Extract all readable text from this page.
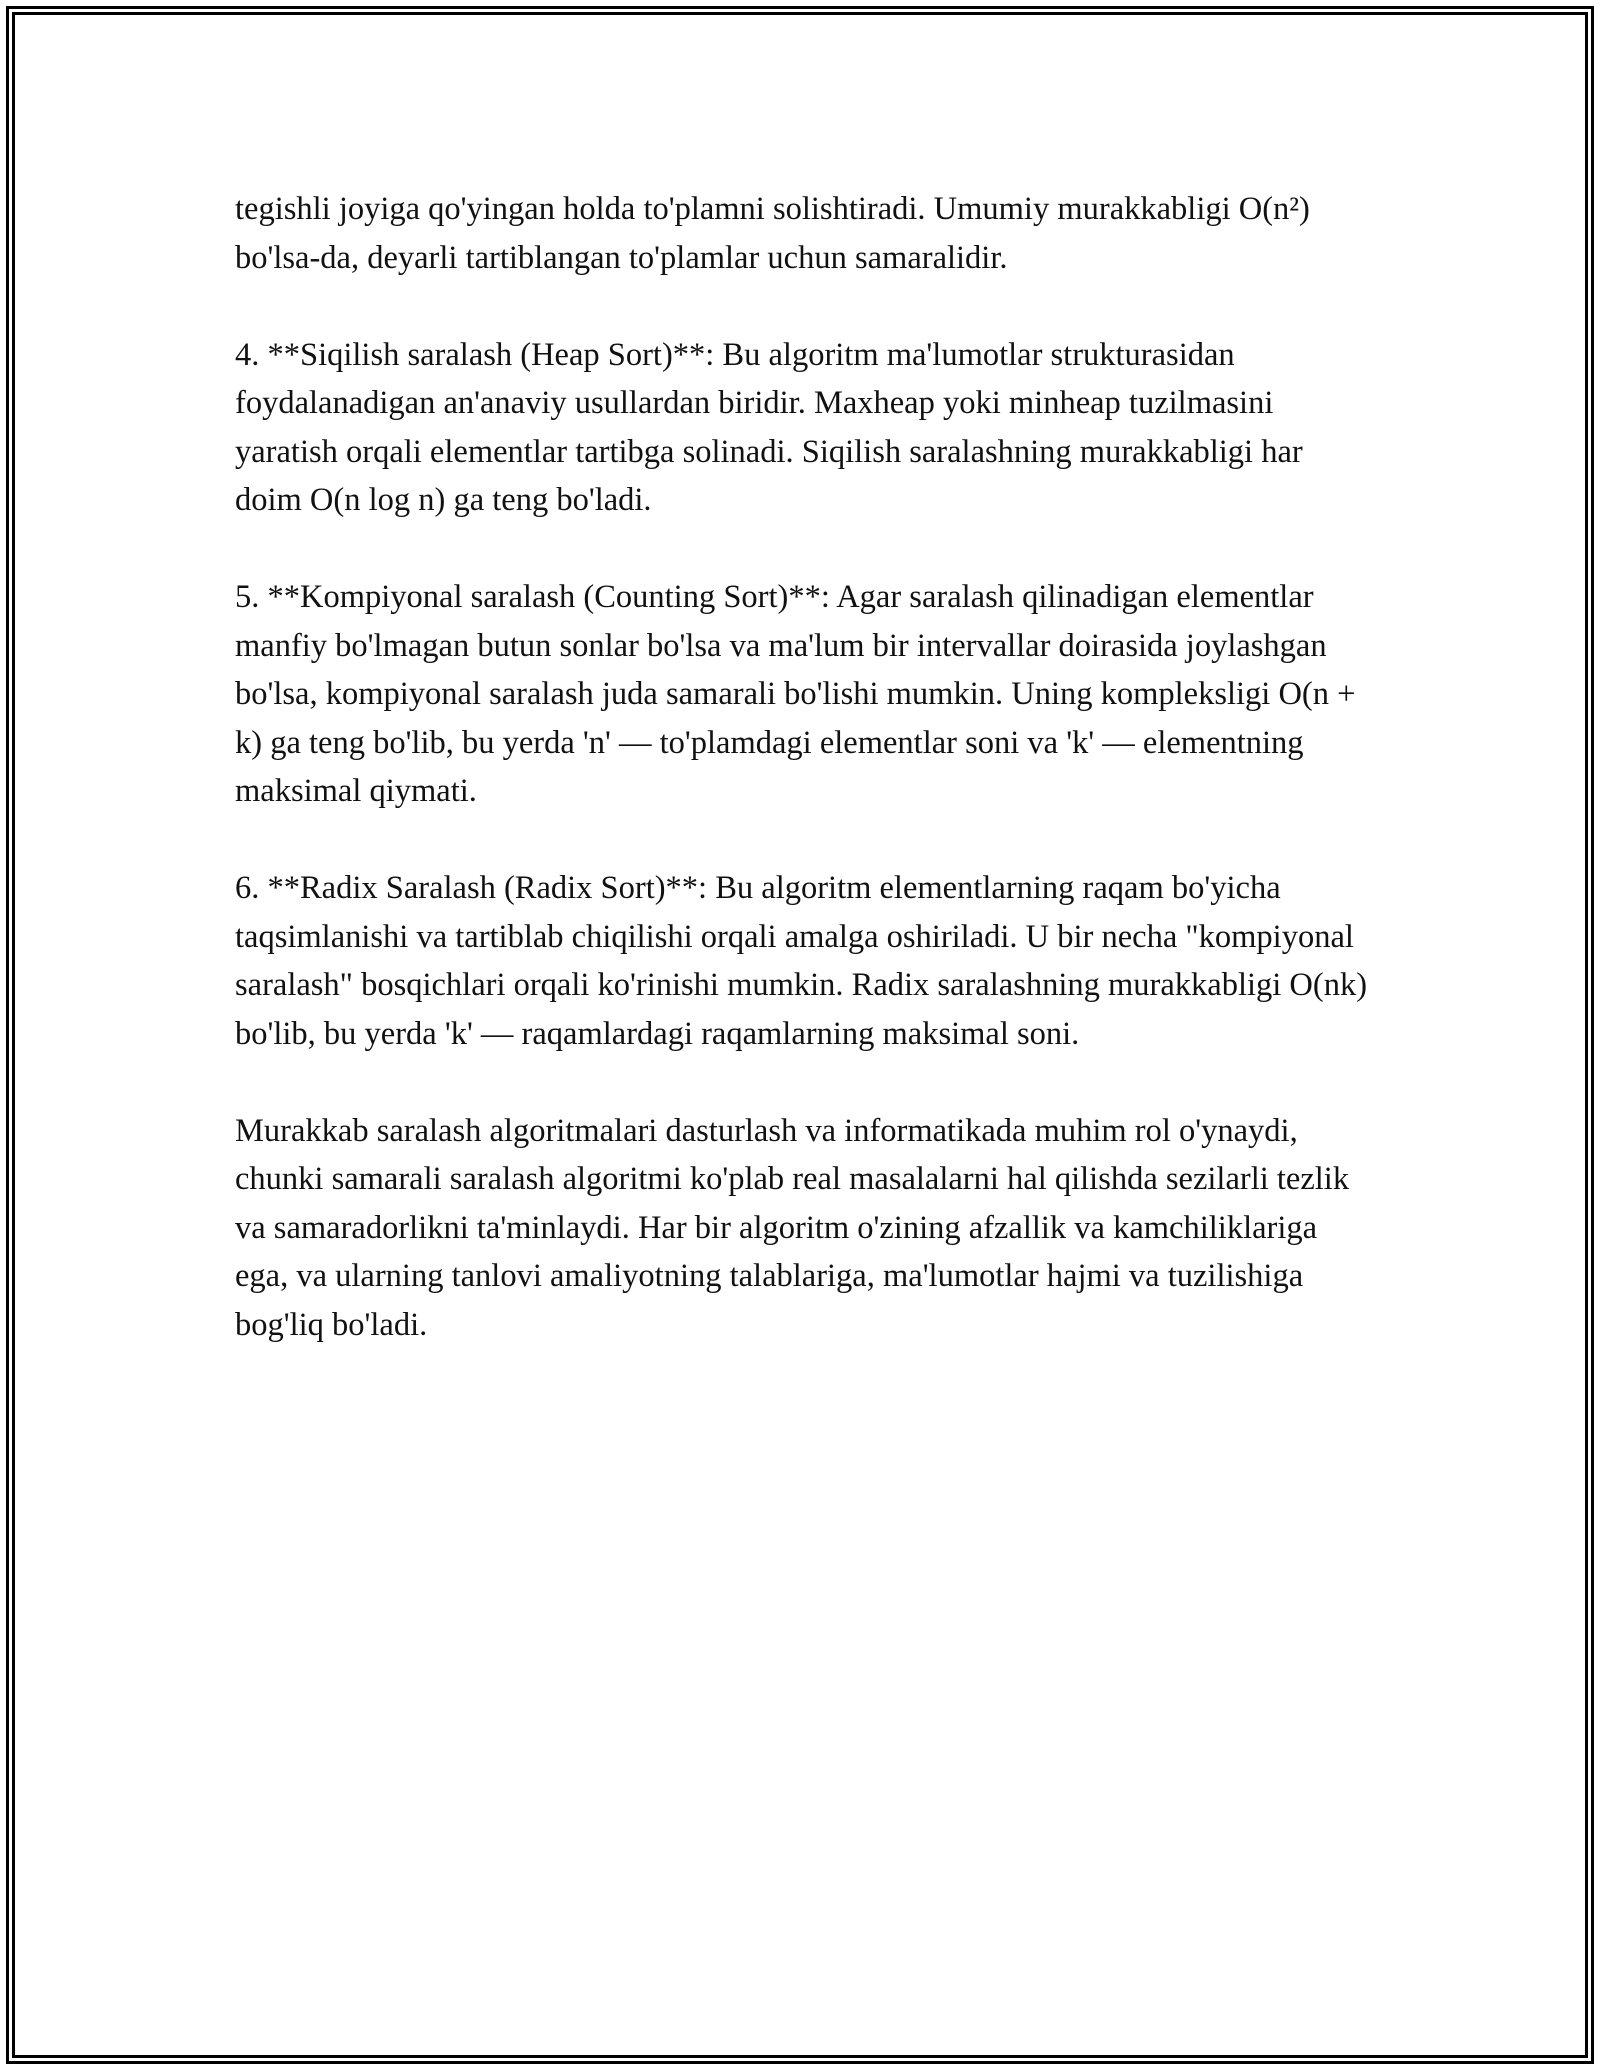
tegishli joyiga qo'yingan holda to'plamni solishtiradi. Umumiy murakkabligi O(n²) bo'lsa-da, deyarli tartiblangan to'plamlar uchun samaralidir.

4. **Siqilish saralash (Heap Sort)**: Bu algoritm ma'lumotlar strukturasidan foydalanadigan an'anaviy usullardan biridir. Maxheap yoki minheap tuzilmasini yaratish orqali elementlar tartibga solinadi. Siqilish saralashning murakkabligi har doim O(n log n) ga teng bo'ladi.

5. **Kompiyonal saralash (Counting Sort)**: Agar saralash qilinadigan elementlar manfiy bo'lmagan butun sonlar bo'lsa va ma'lum bir intervallar doirasida joylashgan bo'lsa, kompiyonal saralash juda samarali bo'lishi mumkin. Uning kompleksligi O(n + k) ga teng bo'lib, bu yerda 'n' — to'plamdagi elementlar soni va 'k' — elementning maksimal qiymati.

6. **Radix Saralash (Radix Sort)**: Bu algoritm elementlarning raqam bo'yicha taqsimlanishi va tartiblab chiqilishi orqali amalga oshiriladi. U bir necha "kompiyonal saralash" bosqichlari orqali ko'rinishi mumkin. Radix saralashning murakkabligi O(nk) bo'lib, bu yerda 'k' — raqamlardagi raqamlarning maksimal soni.

Murakkab saralash algoritmalari dasturlash va informatikada muhim rol o'ynaydi, chunki samarali saralash algoritmi ko'plab real masalalarni hal qilishda sezilarli tezlik va samaradorlikni ta'minlaydi. Har bir algoritm o'zining afzallik va kamchiliklariga ega, va ularning tanlovi amaliyotning talablariga, ma'lumotlar hajmi va tuzilishiga bog'liq bo'ladi.
